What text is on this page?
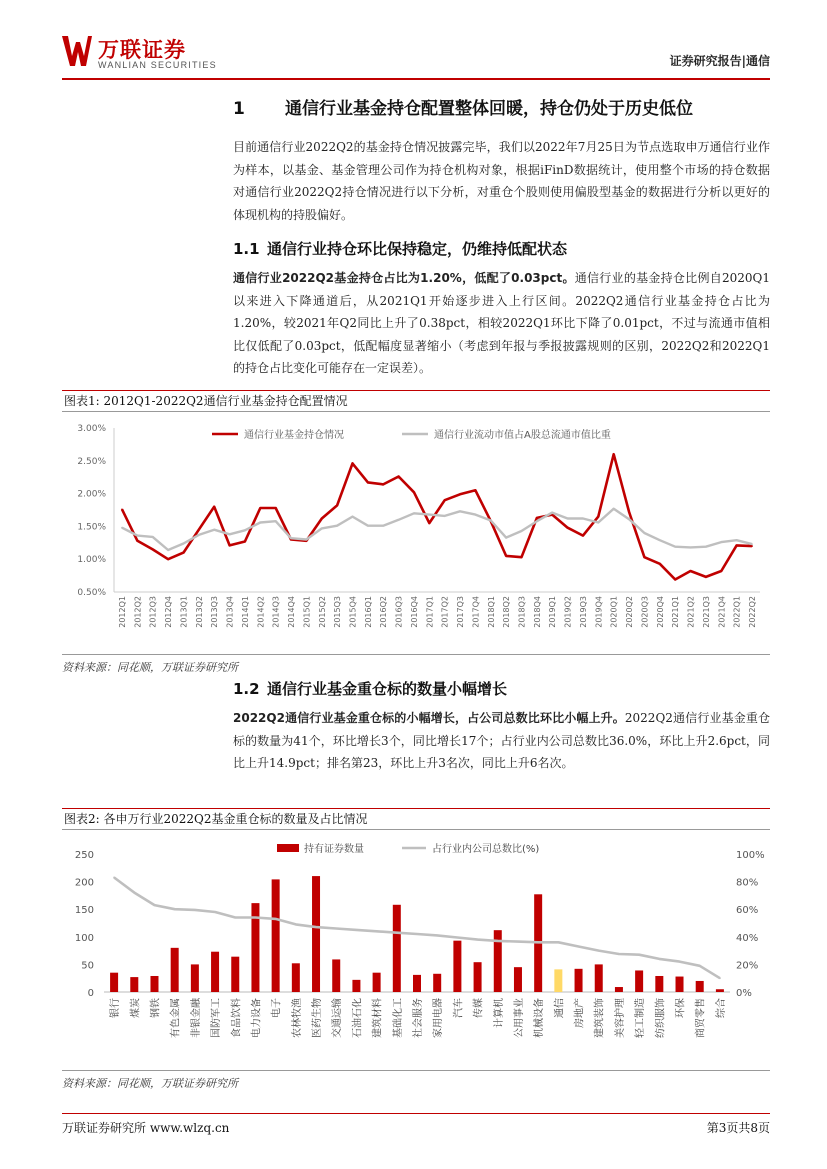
万联证券
WANLIAN SECURITIES	证券研究报告|通信
1 通信行业基金持仓配置整体回暖，持仓仍处于历史低位
目前通信行业2022Q2的基金持仓情况披露完毕，我们以2022年7月25日为节点选取申万通信行业作为样本，以基金、基金管理公司作为持仓机构对象，根据iFinD数据统计，使用整个市场的持仓数据对通信行业2022Q2持仓情况进行以下分析，对重仓个股则使用偏股型基金的数据进行分析以更好的体现机构的持股偏好。
1.1 通信行业持仓环比保持稳定，仍维持低配状态
通信行业2022Q2基金持仓占比为1.20%，低配了0.03pct。通信行业的基金持仓比例自2020Q1以来进入下降通道后，从2021Q1开始逐步进入上行区间。2022Q2通信行业基金持仓占比为1.20%，较2021年Q2同比上升了0.38pct，相较2022Q1环比下降了0.01pct，不过与流通市值相比仅低配了0.03pct，低配幅度显著缩小（考虑到年报与季报披露规则的区别，2022Q2和2022Q1的持仓占比变化可能存在一定误差）。
图表1: 2012Q1-2022Q2通信行业基金持仓配置情况
0.50%
1.00%
1.50%
2.00%
2.50%
3.00%
2012Q1 2012Q2 2012Q3 2012Q4 2013Q1 2013Q2 2013Q3 2013Q4 2014Q1 2014Q2 2014Q3 2014Q4 2015Q1 2015Q2 2015Q3 2015Q4 2016Q1 2016Q2 2016Q3 2016Q4 2017Q1 2017Q2 2017Q3 2017Q4 2018Q1 2018Q2 2018Q3 2018Q4 2019Q1 2019Q2 2019Q3 2019Q4 2020Q1 2020Q2 2020Q3 2020Q4 2021Q1 2021Q2 2021Q3 2021Q4 2022Q1 2022Q2
通信行业基金持仓情况	通信行业流动市值占A股总流通市值比重
资料来源：同花顺，万联证券研究所
1.2 通信行业基金重仓标的数量小幅增长
2022Q2通信行业基金重仓标的小幅增长，占公司总数比环比小幅上升。2022Q2通信行业基金重仓标的数量为41个，环比增长3个，同比增长17个；占行业内公司总数比36.0%，环比上升2.6pct，同比上升14.9pct；排名第23，环比上升3名次，同比上升6名次。
图表2: 各申万行业2022Q2基金重仓标的数量及占比情况
0
50
100
150
200
250
0%
20%
40%
60%
80%
100%
银行 煤炭 钢铁 有色金属 非银金融 国防军工 食品饮料 电力设备 电子 农林牧渔 医药生物 交通运输 石油石化 建筑材料 基础化工 社会服务 家用电器 汽车 传媒 计算机 公用事业 机械设备 通信 房地产 建筑装饰 美容护理 轻工制造 纺织服饰 环保 商贸零售 综合
持有证券数量	占行业内公司总数比(%)
资料来源：同花顺，万联证券研究所
万联证券研究所 www.wlzq.cn	第3页共8页
